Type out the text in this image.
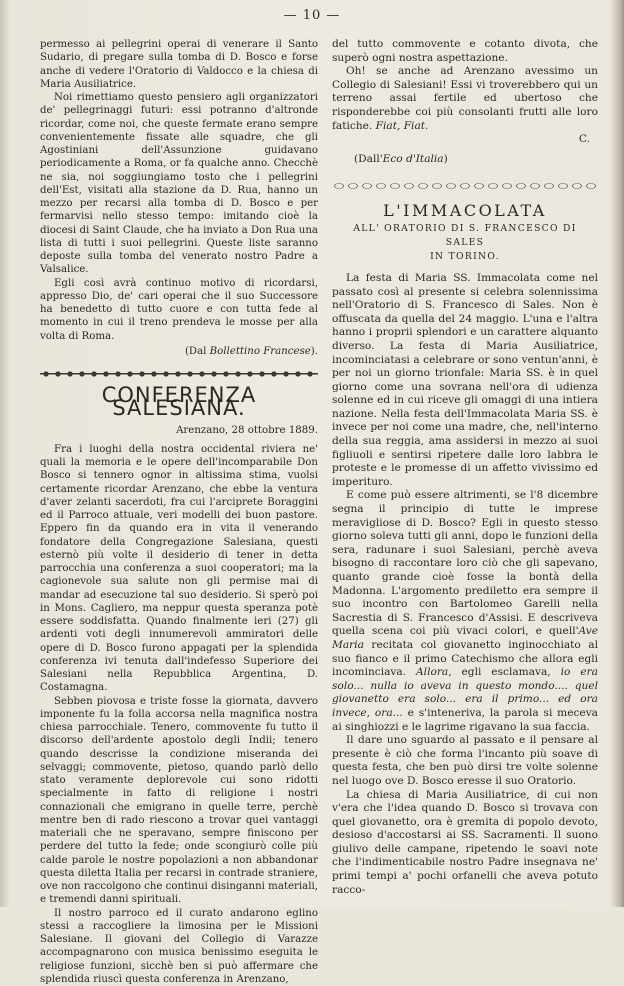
— 10 —

permesso ai pellegrini operai di venerare il Santo Sudario, di pregare sulla tomba di D. Bosco e forse anche di vedere l'Oratorio di Valdocco e la chiesa di Maria Ausiliatrice.

Noi rimettiamo questo pensiero agli organizzatori de' pellegrinaggi futuri: essi potranno d'altronde ricordar, come noi, che queste fermate erano sempre convenientemente fissate alle squadre, che gli Agostiniani dell'Assunzione guidavano periodicamente a Roma, or fa qualche anno. Checchè ne sia, noi soggiungiamo tosto che i pellegrini dell'Est, visitati alla stazione da D. Rua, hanno un mezzo per recarsi alla tomba di D. Bosco e per fermarvisi nello stesso tempo: imitando cioè la diocesi di Saint Claude, che ha inviato a Don Rua una lista di tutti i suoi pellegrini. Queste liste saranno deposte sulla tomba del venerato nostro Padre a Valsalice.

Egli così avrà continuo motivo di ricordarsi, appresso Dio, de' cari operai che il suo Successore ha benedetto di tutto cuore e con tutta fede al momento in cui il treno prendeva le mosse per alla volta di Roma.

(Dal Bollettino Francese).

CONFERENZA SALESIANA.

Arenzano, 28 ottobre 1889.

Fra i luoghi della nostra occidental riviera ne' quali la memoria e le opere dell'incomparabile Don Bosco si tennero ognor in altissima stima, vuolsi certamente ricordar Arenzano, che ebbe la ventura d'aver zelanti sacerdoti, fra cui l'arciprete Boraggini ed il Parroco attuale, veri modelli dei buon pastore. Eppero fin da quando era in vita il venerando fondatore della Congregazione Salesiana, questi esternò più volte il desiderio di tener in detta parrocchia una conferenza a suoi cooperatori; ma la cagionevole sua salute non gli permise mai di mandar ad esecuzione tal suo desiderio. Si sperò poi in Mons. Cagliero, ma neppur questa speranza potè essere soddisfatta. Quando finalmente ieri (27) gli ardenti voti degli innumerevoli ammiratori delle opere di D. Bosco furono appagati per la splendida conferenza ivi tenuta dall'indefesso Superiore dei Salesiani nella Repubblica Argentina, D. Costamagna.

Sebben piovosa e triste fosse la giornata, davvero imponente fu la folla accorsa nella magnifica nostra chiesa parrocchiale. Tenero, commovente fu tutto il discorso dell'ardente apostolo degli Indii; tenero quando descrisse la condizione miseranda dei selvaggi; commovente, pietoso, quando parlò dello stato veramente deplorevole cui sono ridotti specialmente in fatto di religione i nostri connazionali che emigrano in quelle terre, perchè mentre ben di rado riescono a trovar quei vantaggi materiali che ne speravano, sempre finiscono per perdere del tutto la fede; onde scongiurò colle più calde parole le nostre popolazioni a non abbandonar questa diletta Italia per recarsi in contrade straniere, ove non raccolgono che continui disinganni materiali, e tremendi danni spirituali.

Il nostro parroco ed il curato andarono eglino stessi a raccogliere la limosina per le Missioni Salesiane. Il giovani del Collegio di Varazze accompagnarono con musica benissimo eseguita le religiose funzioni, sicchè ben si può affermare che splendida riuscì questa conferenza in Arenzano,

del tutto commovente e cotanto divota, che superò ogni nostra aspettazione.

Oh! se anche ad Arenzano avessimo un Collegio di Salesiani! Essi vi troverebbero qui un terreno assai fertile ed ubertoso che risponderebbe coi più consolanti frutti alle loro fatiche. Fiat, Fiat.

C.

(Dall'Eco d'Italia)

L'IMMACOLATA
ALL' ORATORIO DI S. FRANCESCO DI SALES
IN TORINO.

La festa di Maria SS. Immacolata come nel passato così al presente si celebra solennissima nell'Oratorio di S. Francesco di Sales. Non è offuscata da quella del 24 maggio. L'una e l'altra hanno i proprii splendori e un carattere alquanto diverso. La festa di Maria Ausiliatrice, incominciatasi a celebrare or sono ventun'anni, è per noi un giorno trionfale: Maria SS. è in quel giorno come una sovrana nell'ora di udienza solenne ed in cui riceve gli omaggi di una intiera nazione. Nella festa dell'Immacolata Maria SS. è invece per noi come una madre, che, nell'interno della sua reggia, ama assidersi in mezzo ai suoi figliuoli e sentirsi ripetere dalle loro labbra le proteste e le promesse di un affetto vivissimo ed imperituro.

E come può essere altrimenti, se l'8 dicembre segna il principio di tutte le imprese meravigliose di D. Bosco? Egli in questo stesso giorno soleva tutti gli anni, dopo le funzioni della sera, radunare i suoi Salesiani, perchè aveva bisogno di raccontare loro ciò che gli sapevano, quanto grande cioè fosse la bontà della Madonna. L'argomento prediletto era sempre il suo incontro con Bartolomeo Garelli nella Sacrestia di S. Francesco d'Assisi. E descriveva quella scena coi più vivaci colori, e quell'Ave Maria recitata col giovanetto inginocchiato al suo fianco e il primo Catechismo che allora egli incominciava. Allora, egli esclamava, io era solo... nulla io aveva in questo mondo.... quel giovanetto era solo... era il primo... ed ora invece, ora... e s'inteneriva, la parola si meceva ai singhiozzi e le lagrime rigavano la sua faccia.

Il dare uno sguardo al passato e il pensare al presente è ciò che forma l'incanto più soave di questa festa, che ben può dirsi tre volte solenne nel luogo ove D. Bosco eresse il suo Oratorio.

La chiesa di Maria Ausiliatrice, di cui non v'era che l'idea quando D. Bosco si trovava con quel giovanetto, ora è gremita di popolo devoto, desioso d'accostarsi ai SS. Sacramenti. Il suono giulivo delle campane, ripetendo le soavi note che l'indimenticabile nostro Padre insegnava ne' primi tempi a' pochi orfanelli che aveva potuto racco-
